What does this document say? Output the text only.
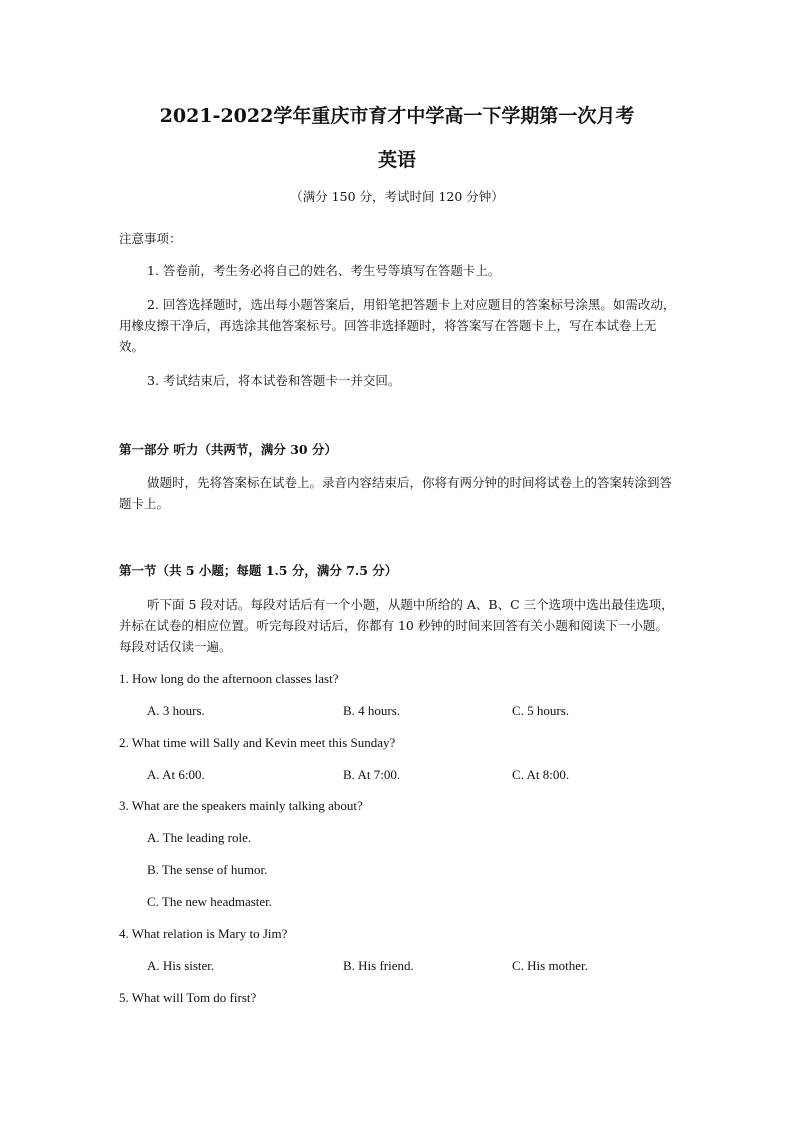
2021-2022学年重庆市育才中学高一下学期第一次月考
英语
（满分 150 分，考试时间 120 分钟）
注意事项：
1. 答卷前，考生务必将自己的姓名、考生号等填写在答题卡上。
2. 回答选择题时，选出每小题答案后，用铅笔把答题卡上对应题目的答案标号涂黑。如需改动，用橡皮擦干净后，再选涂其他答案标号。回答非选择题时，将答案写在答题卡上，写在本试卷上无效。
3. 考试结束后，将本试卷和答题卡一并交回。
第一部分 听力（共两节，满分 30 分）
做题时，先将答案标在试卷上。录音内容结束后，你将有两分钟的时间将试卷上的答案转涂到答题卡上。
第一节（共 5 小题；每题 1.5 分，满分 7.5 分）
听下面 5 段对话。每段对话后有一个小题，从题中所给的 A、B、C 三个选项中选出最佳选项，并标在试卷的相应位置。听完每段对话后，你都有 10 秒钟的时间来回答有关小题和阅读下一小题。每段对话仅读一遍。
1. How long do the afternoon classes last?
A. 3 hours.	B. 4 hours.	C. 5 hours.
2. What time will Sally and Kevin meet this Sunday?
A. At 6:00.	B. At 7:00.	C. At 8:00.
3. What are the speakers mainly talking about?
A. The leading role.
B. The sense of humor.
C. The new headmaster.
4. What relation is Mary to Jim?
A. His sister.	B. His friend.	C. His mother.
5. What will Tom do first?
